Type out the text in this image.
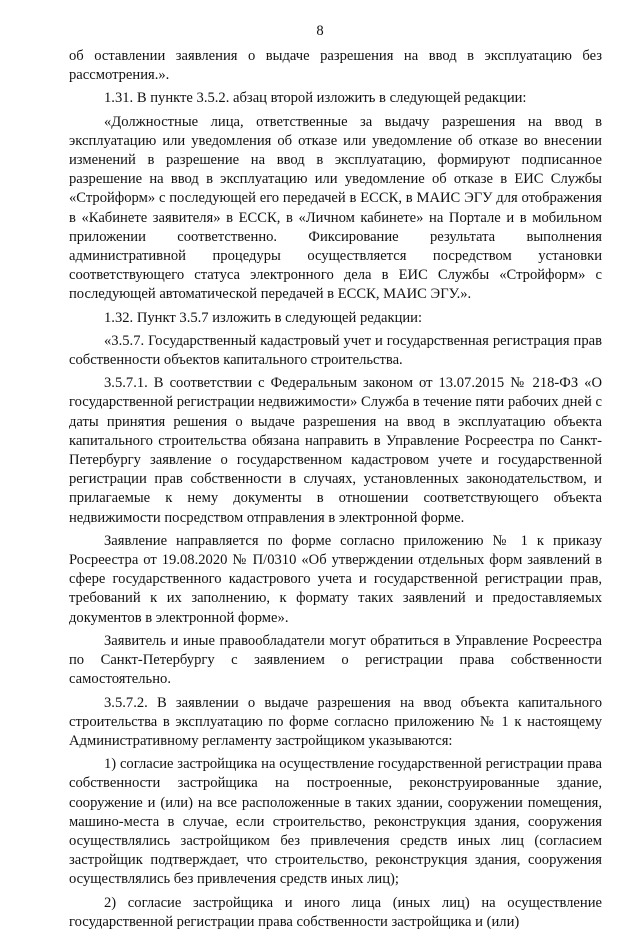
8

об оставлении заявления о выдаче разрешения на ввод в эксплуатацию без рассмотрения.».

1.31. В пункте 3.5.2. абзац второй изложить в следующей редакции:

«Должностные лица, ответственные за выдачу разрешения на ввод в эксплуатацию или уведомления об отказе или уведомление об отказе во внесении изменений в разрешение на ввод в эксплуатацию, формируют подписанное разрешение на ввод в эксплуатацию или уведомление об отказе в ЕИС Службы «Стройформ» с последующей его передачей в ЕССК, в МАИС ЭГУ для отображения в «Кабинете заявителя» в ЕССК, в «Личном кабинете» на Портале и в мобильном приложении соответственно. Фиксирование результата выполнения административной процедуры осуществляется посредством установки соответствующего статуса электронного дела в ЕИС Службы «Стройформ» с последующей автоматической передачей в ЕССК, МАИС ЭГУ.».

1.32. Пункт 3.5.7 изложить в следующей редакции:

«3.5.7. Государственный кадастровый учет и государственная регистрация прав собственности объектов капитального строительства.

3.5.7.1. В соответствии с Федеральным законом от 13.07.2015 № 218-ФЗ «О государственной регистрации недвижимости» Служба в течение пяти рабочих дней с даты принятия решения о выдаче разрешения на ввод в эксплуатацию объекта капитального строительства обязана направить в Управление Росреестра по Санкт-Петербургу заявление о государственном кадастровом учете и государственной регистрации прав собственности в случаях, установленных законодательством, и прилагаемые к нему документы в отношении соответствующего объекта недвижимости посредством отправления в электронной форме.

Заявление направляется по форме согласно приложению № 1 к приказу Росреестра от 19.08.2020 № П/0310 «Об утверждении отдельных форм заявлений в сфере государственного кадастрового учета и государственной регистрации прав, требований к их заполнению, к формату таких заявлений и предоставляемых документов в электронной форме».

Заявитель и иные правообладатели могут обратиться в Управление Росреестра по Санкт-Петербургу с заявлением о регистрации права собственности самостоятельно.

3.5.7.2. В заявлении о выдаче разрешения на ввод объекта капитального строительства в эксплуатацию по форме согласно приложению № 1 к настоящему Административному регламенту застройщиком указываются:

1) согласие застройщика на осуществление государственной регистрации права собственности застройщика на построенные, реконструированные здание, сооружение и (или) на все расположенные в таких здании, сооружении помещения, машино-места в случае, если строительство, реконструкция здания, сооружения осуществлялись застройщиком без привлечения средств иных лиц (согласием застройщик подтверждает, что строительство, реконструкция здания, сооружения осуществлялись без привлечения средств иных лиц);

2) согласие застройщика и иного лица (иных лиц) на осуществление государственной регистрации права собственности застройщика и (или)
